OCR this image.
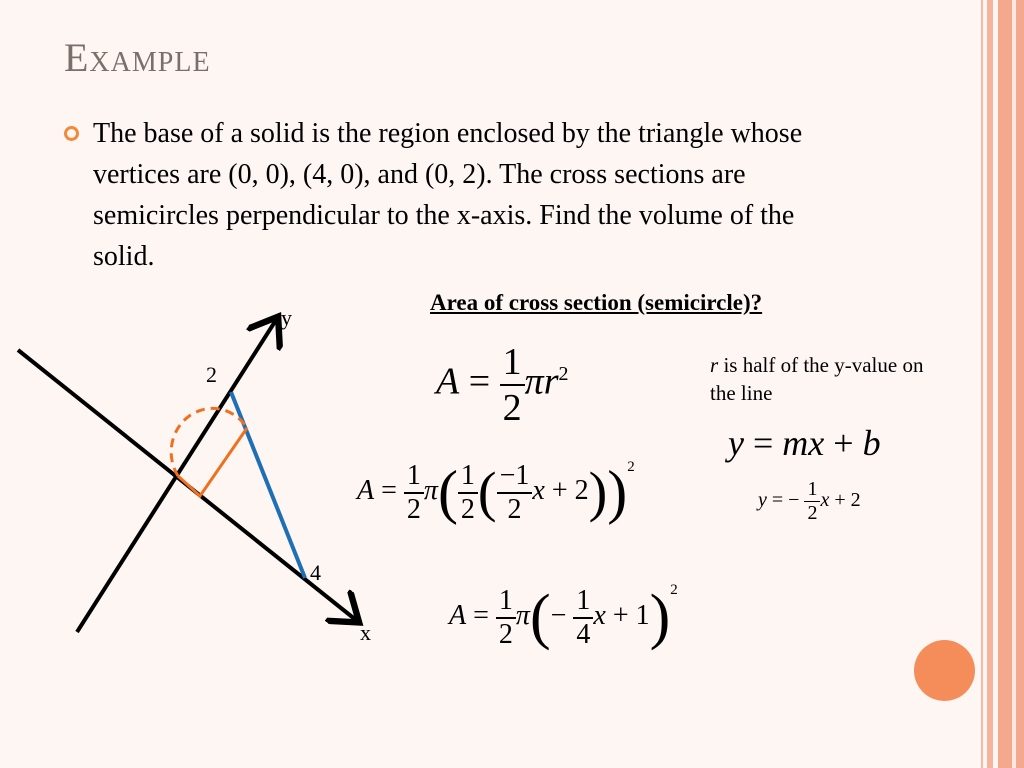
Example
The base of a solid is the region enclosed by the triangle whose vertices are (0, 0), (4, 0), and (0, 2). The cross sections are semicircles perpendicular to the x-axis. Find the volume of the solid.
Area of cross section (semicircle)?
r is half of the y-value on the line
y
x
2
4
$A = \frac{1}{2} \pi r^2$
y = mx + b
$A = \frac{1}{2} \pi( \frac{1}{2}$ ( $\frac{-1}{2}$ x + 2))$^2$
y = − $\frac{1}{2}$ x + 2
$A = \frac{1}{2} \pi(- \frac{1}{4}$ $x + 1)^2$
